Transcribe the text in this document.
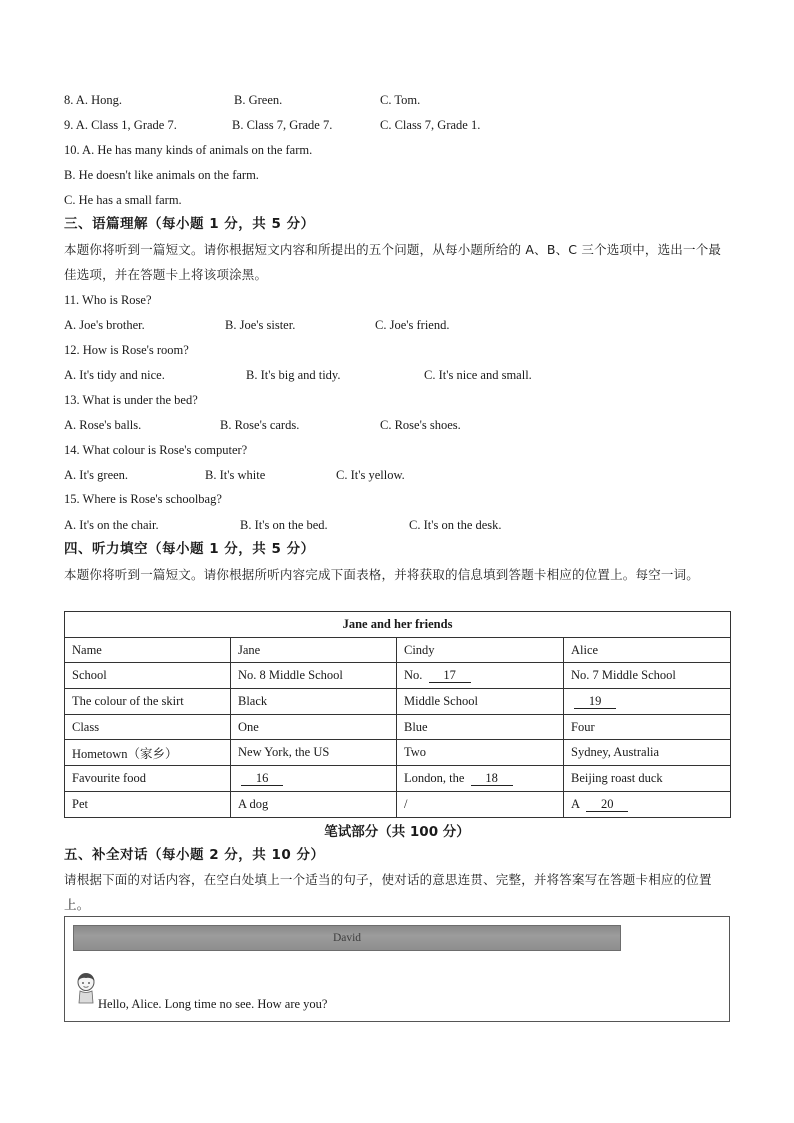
8. A. Hong.	B. Green.	C. Tom.
9. A. Class 1, Grade 7.	B. Class 7, Grade 7.	C. Class 7, Grade 1.
10. A. He has many kinds of animals on the farm.
B. He doesn't like animals on the farm.
C. He has a small farm.
三、语篇理解（每小题 1 分，共 5 分）
本题你将听到一篇短文。请你根据短文内容和所提出的五个问题，从每小题所给的 A、B、C 三个选项中，选出一个最佳选项，并在答题卡上将该项涂黑。
11. Who is Rose?
A. Joe's brother.	B. Joe's sister.	C. Joe's friend.
12. How is Rose's room?
A. It's tidy and nice.	B. It's big and tidy.	C. It's nice and small.
13. What is under the bed?
A. Rose's balls.	B. Rose's cards.	C. Rose's shoes.
14. What colour is Rose's computer?
A. It's green.	B. It's white	C. It's yellow.
15. Where is Rose's schoolbag?
A. It's on the chair.	B. It's on the bed.	C. It's on the desk.
四、听力填空（每小题 1 分，共 5 分）
本题你将听到一篇短文。请你根据所听内容完成下面表格，并将获取的信息填到答题卡相应的位置上。每空一词。
Jane and her friends			
Name	Jane	Cindy	Alice
School	No. 8 Middle School	No. 17	No. 7 Middle School
The colour of the skirt	Black	Middle School	19
Class	One	Blue	Four
Hometown（家乡）	New York, the US	Two	Sydney, Australia
Favourite food	16	London, the 18	Beijing roast duck
Pet	A dog	/	A 20
笔试部分（共 100 分）
五、补全对话（每小题 2 分，共 10 分）
请根据下面的对话内容，在空白处填上一个适当的句子，使对话的意思连贯、完整，并将答案写在答题卡相应的位置上。
David
Hello, Alice. Long time no see. How are you?
